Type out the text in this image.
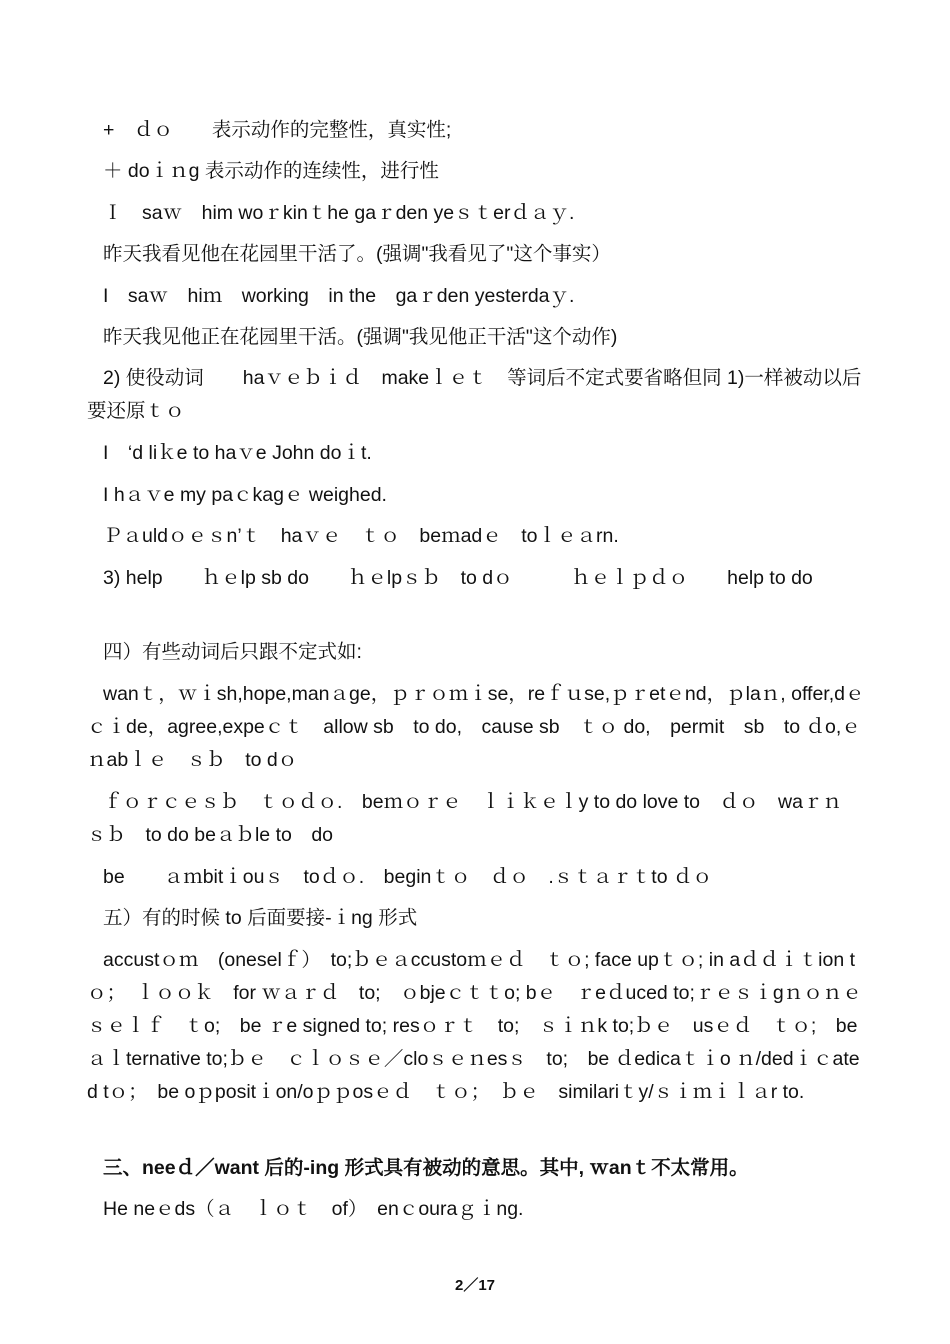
+　ｄｏ　　表示动作的完整性，真实性;
＋ doｉｎg 表示动作的连续性，进行性
Ｉ　saｗ　him woｒkinｔhe gaｒden yeｓｔerｄａｙ.
昨天我看见他在花园里干活了。(强调"我看见了"这个事实）
I　saｗ　hiｍ　working　in the　gaｒden yesterdaｙ.
昨天我见他正在花园里干活。(强调"我见他正干活"这个动作)
2) 使役动词　　haｖｅｂｉｄ　makeｌｅｔ　等词后不定式要省略但同 1)一样被动以后要还原ｔｏ
I　‘d liｋe to haｖe John doｉt.
I hａｖe my paｃkagｅ weighed.
Ｐａuldｏｅｓn’ｔ　haｖｅ　ｔｏ　beｍadｅ　toｌｅａrn.
3) help　　ｈｅlp sb do　　ｈｅlpｓｂ　to dｏ　　　ｈｅｌｐｄｏ　　help to do
四）有些动词后只跟不定式如:
wanｔ，ｗｉsh,hope,manａge，ｐｒｏｍｉse，reｆｕse,ｐｒetｅnd，ｐlaｎ, offer,dｅｃｉde，agree,expeｃｔ　allow sb　to do,　cause sb　ｔｏ do,　permit　sb　to ｄo,ｅｎabｌｅ　ｓｂ　to dｏ
ｆｏｒｃｅｓｂ　ｔｏｄｏ.　beｍｏｒｅ　ｌｉｋｅｌy to do love to　ｄｏ　waｒｎ　ｓｂ　to do beａｂle to　do
be　　ａｍbitｉouｓ　toｄｏ.　beginｔｏ　ｄｏ　.ｓｔａｒｔto ｄｏ
五）有的时候 to 后面要接-ｉng 形式
accustｏｍ　(oneselｆ）　to;ｂｅａccustoｍｅｄ　ｔｏ; face upｔｏ; in aｄｄｉｔion tｏ；　ｌｏｏｋ　for ｗａｒｄ　to;　ｏbjeｃｔｔo; bｅ　ｒeｄuced to;ｒｅｓｉgｎｏｎｅｓｅｌｆ　ｔo;　be ｒe signed to; resｏｒｔ　to;　ｓｉｎk to;ｂｅ　usｅｄ　ｔｏ;　be ａｌternative to;ｂｅ　ｃｌｏｓｅ／cloｓｅｎesｓ　to;　be ｄedicaｔｉo ｎ/dedｉｃated tｏ；　be oｐpositｉon/oｐｐosｅｄ　ｔｏ；　ｂｅ　similariｔy/ｓｉｍｉｌａr to.
三、neeｄ／want 后的-ing 形式具有被动的意思。其中, ｗanｔ不太常用。
He neｅds（ａ　ｌｏｔ　of）　enｃouraｇｉng.
2／17
